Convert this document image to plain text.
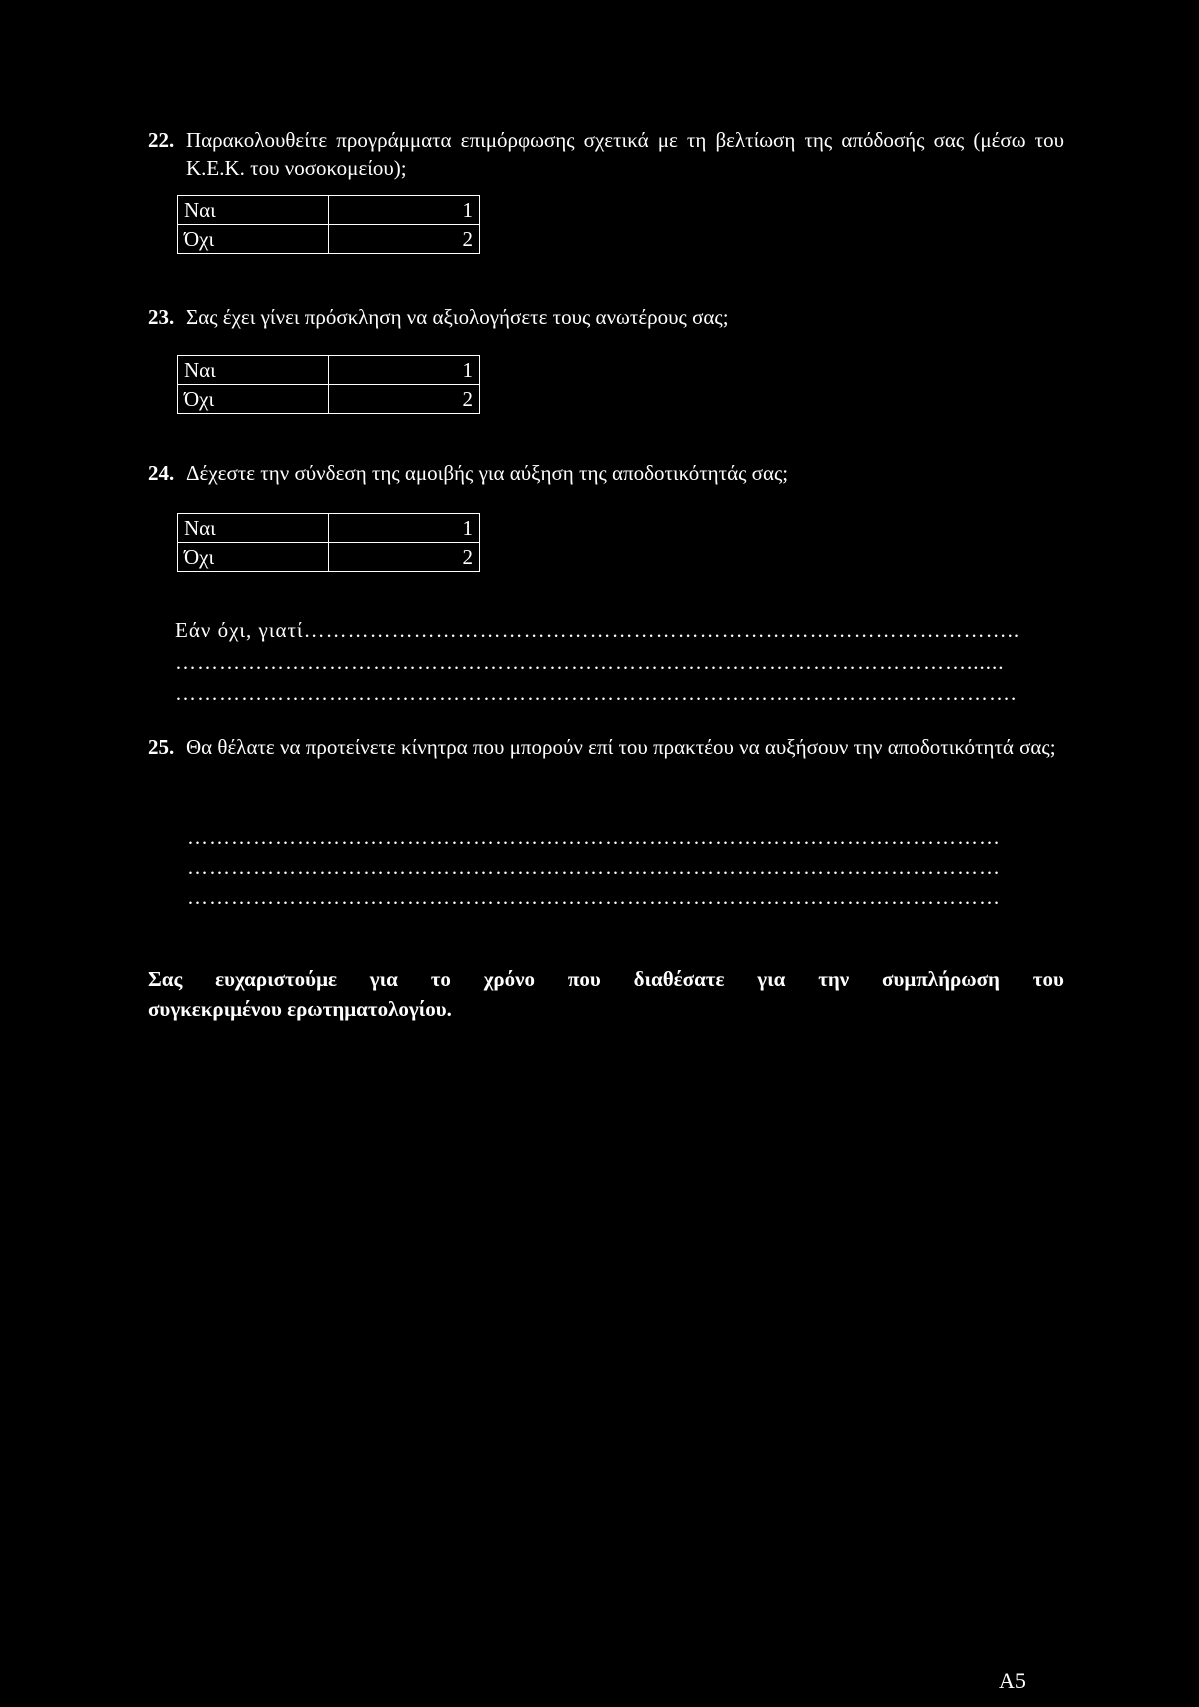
22. Παρακολουθείτε προγράμματα επιμόρφωσης σχετικά με τη βελτίωση της απόδοσής σας (μέσω του Κ.Ε.Κ. του νοσοκομείου);
Ναι	1
Όχι	2
23. Σας έχει γίνει πρόσκληση να αξιολογήσετε τους ανωτέρους σας;
Ναι	1
Όχι	2
24. Δέχεστε την σύνδεση της αμοιβής για αύξηση της αποδοτικότητάς σας;
Ναι	1
Όχι	2
Εάν όχι, γιατί……………………………………………………………………………………..
………………………………………………………………………………………………......
…………………………………………………………………………………………………….
25. Θα θέλατε να προτείνετε κίνητρα που μπορούν επί του πρακτέου να αυξήσουν την αποδοτικότητά σας;
…………………………………………………………………………………………………
…………………………………………………………………………………………………
…………………………………………………………………………………………………
Σας ευχαριστούμε για το χρόνο που διαθέσατε για την συμπλήρωση του
συγκεκριμένου ερωτηματολογίου.
Α5
